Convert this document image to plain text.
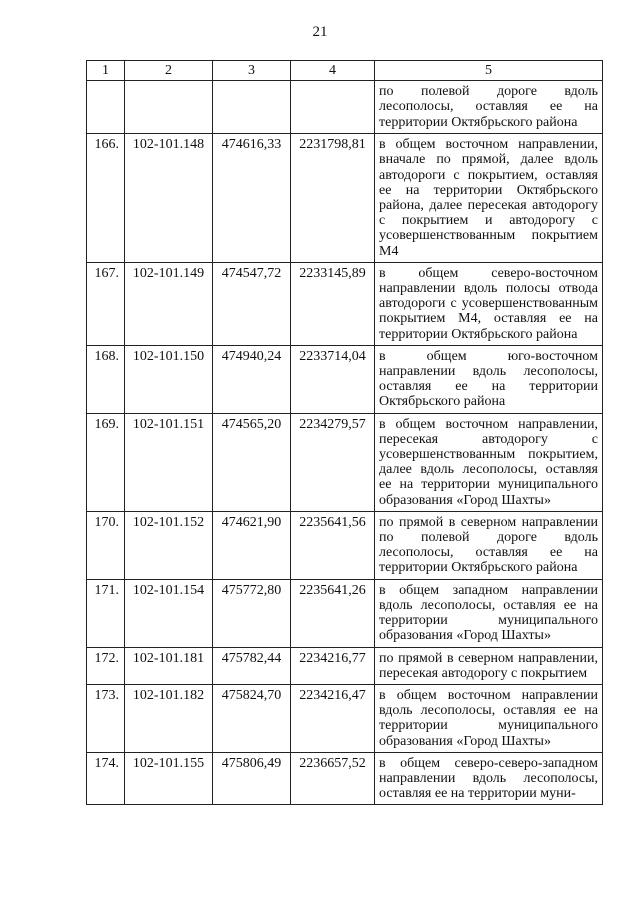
21
1	2	3	4	5
				по полевой дороге вдоль лесополосы, оставляя ее на территории Октябрьского района
166.	102-101.148	474616,33	2231798,81	в общем восточном направлении, вначале по прямой, далее вдоль автодороги с покрытием, оставляя ее на территории Октябрьского района, далее пересекая автодорогу с покрытием и автодорогу с усовершенствованным покрытием М4
167.	102-101.149	474547,72	2233145,89	в общем северо-восточном направлении вдоль полосы отвода автодороги с усовершенствованным покрытием М4, оставляя ее на территории Октябрьского района
168.	102-101.150	474940,24	2233714,04	в общем юго-восточном направлении вдоль лесополосы, оставляя ее на территории Октябрьского района
169.	102-101.151	474565,20	2234279,57	в общем восточном направлении, пересекая автодорогу с усовершенствованным покрытием, далее вдоль лесополосы, оставляя ее на территории муниципального образования «Город Шахты»
170.	102-101.152	474621,90	2235641,56	по прямой в северном направлении по полевой дороге вдоль лесополосы, оставляя ее на территории Октябрьского района
171.	102-101.154	475772,80	2235641,26	в общем западном направлении вдоль лесополосы, оставляя ее на территории муниципального образования «Город Шахты»
172.	102-101.181	475782,44	2234216,77	по прямой в северном направлении, пересекая автодорогу с покрытием
173.	102-101.182	475824,70	2234216,47	в общем восточном направлении вдоль лесополосы, оставляя ее на территории муниципального образования «Город Шахты»
174.	102-101.155	475806,49	2236657,52	в общем северо-северо-западном направлении вдоль лесополосы, оставляя ее на территории муни-
